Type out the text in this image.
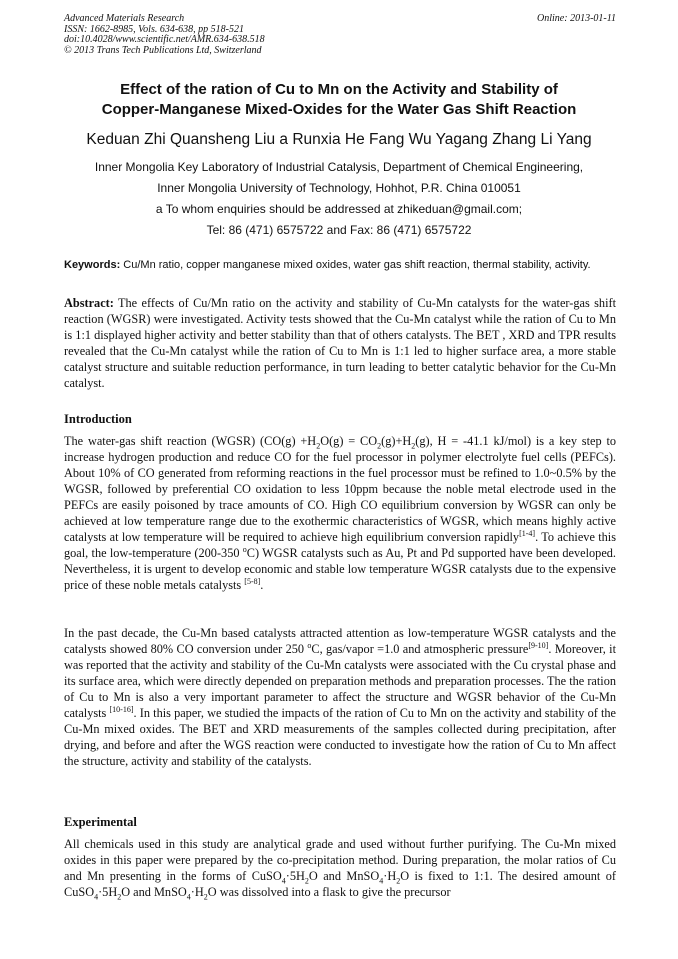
Advanced Materials Research
ISSN: 1662-8985, Vols. 634-638, pp 518-521
doi:10.4028/www.scientific.net/AMR.634-638.518
© 2013 Trans Tech Publications Ltd, Switzerland
Online: 2013-01-11
Effect of the ration of Cu to Mn on the Activity and Stability of
Copper-Manganese Mixed-Oxides for the Water Gas Shift Reaction
Keduan Zhi Quansheng Liu a Runxia He Fang Wu Yagang Zhang Li Yang
Inner Mongolia Key Laboratory of Industrial Catalysis, Department of Chemical Engineering,
Inner Mongolia University of Technology, Hohhot, P.R. China 010051
a To whom enquiries should be addressed at zhikeduan@gmail.com;
Tel: 86 (471) 6575722 and Fax: 86 (471) 6575722
Keywords: Cu/Mn ratio, copper manganese mixed oxides, water gas shift reaction, thermal stability, activity.
Abstract: The effects of Cu/Mn ratio on the activity and stability of Cu-Mn catalysts for the water-gas shift reaction (WGSR) were investigated. Activity tests showed that the Cu-Mn catalyst while the ration of Cu to Mn is 1:1 displayed higher activity and better stability than that of others catalysts. The BET , XRD and TPR results revealed that the Cu-Mn catalyst while the ration of Cu to Mn is 1:1 led to higher surface area, a more stable catalyst structure and suitable reduction performance, in turn leading to better catalytic behavior for the Cu-Mn catalyst.
Introduction
The water-gas shift reaction (WGSR) ($CO(g) +H_2O(g) = CO_2(g)+H_2(g)$, H = -41.1 kJ/mol) is a key step to increase hydrogen production and reduce CO for the fuel processor in polymer electrolyte fuel cells (PEFCs). About 10% of CO generated from reforming reactions in the fuel processor must be refined to 1.0~0.5% by the WGSR, followed by preferential CO oxidation to less 10ppm because the noble metal electrode used in the PEFCs are easily poisoned by trace amounts of CO. High CO equilibrium conversion by WGSR can only be achieved at low temperature range due to the exothermic characteristics of WGSR, which means highly active catalysts at low temperature will be required to achieve high equilibrium conversion rapidly[1-4]. To achieve this goal, the low-temperature (200-350 $^o$C) WGSR catalysts such as Au, Pt and Pd supported have been developed. Nevertheless, it is urgent to develop economic and stable low temperature WGSR catalysts due to the expensive price of these noble metals catalysts [5-8].
In the past decade, the Cu-Mn based catalysts attracted attention as low-temperature WGSR catalysts and the catalysts showed 80% CO conversion under 250 $^o$C, gas/vapor =1.0 and atmospheric pressure[9-10]. Moreover, it was reported that the activity and stability of the Cu-Mn catalysts were associated with the Cu crystal phase and its surface area, which were directly depended on preparation methods and preparation processes. The the ration of Cu to Mn is also a very important parameter to affect the structure and WGSR behavior of the Cu-Mn catalysts [10-16]. In this paper, we studied the impacts of the ration of Cu to Mn on the activity and stability of the Cu-Mn mixed oxides. The BET and XRD measurements of the samples collected during precipitation, after drying, and before and after the WGS reaction were conducted to investigate how the ration of Cu to Mn affect the structure, activity and stability of the catalysts.
Experimental
All chemicals used in this study are analytical grade and used without further purifying. The Cu-Mn mixed oxides in this paper were prepared by the co-precipitation method. During preparation, the molar ratios of Cu and Mn presenting in the forms of $CuSO_4\cdot 5H_2O$ and $MnSO_4\cdot H_2O$ is fixed to 1:1. The desired amount of $CuSO_4\cdot 5H_2O$ and $MnSO_4\cdot H_2O$ was dissolved into a flask to give the precursor
